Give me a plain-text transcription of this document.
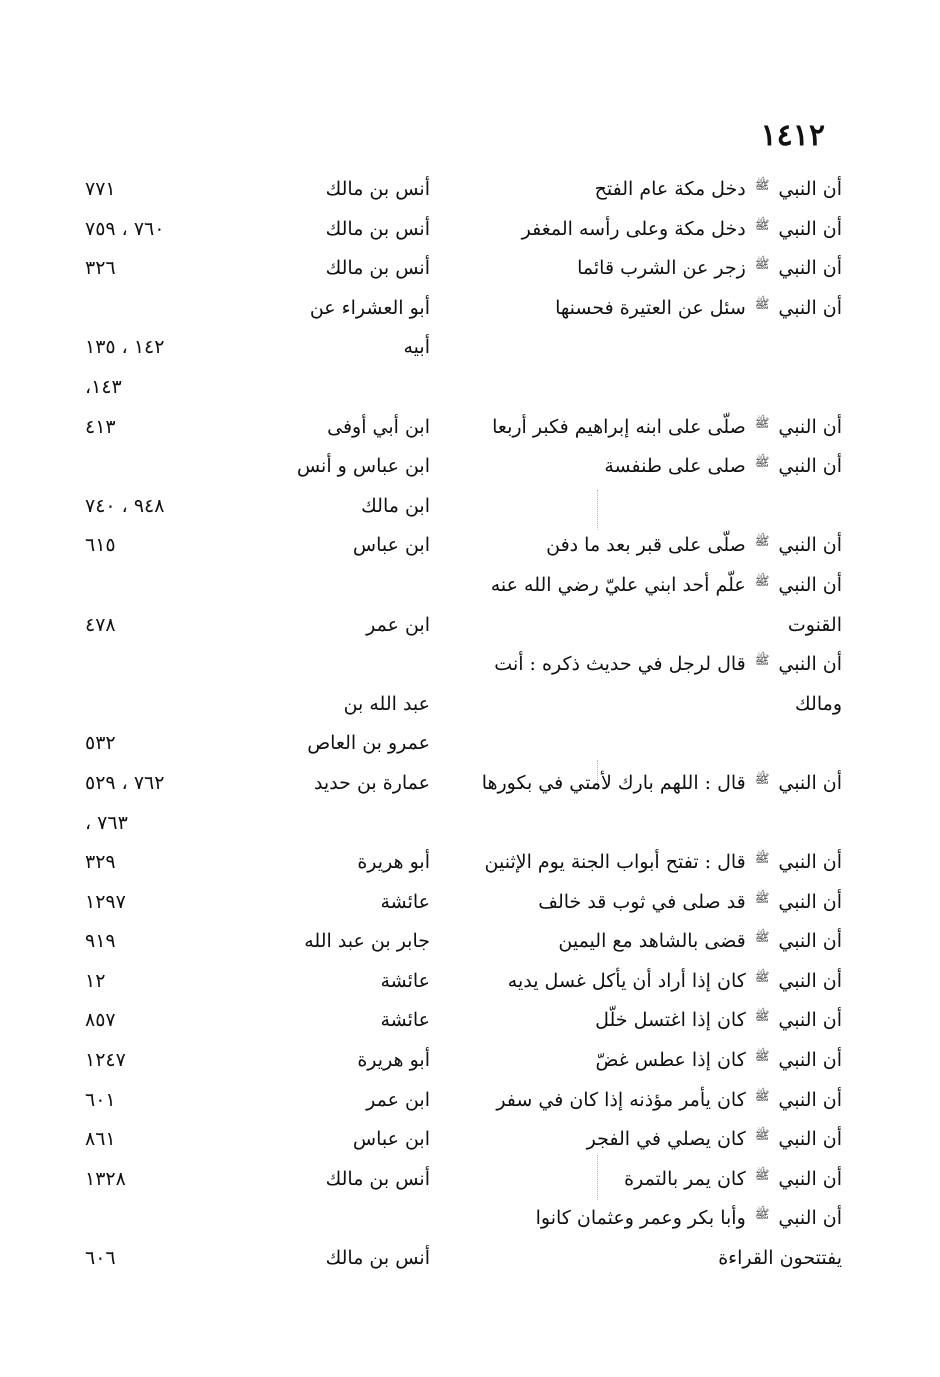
١٤١٢
أن النبي ﷺ دخل مكة عام الفتح
أنس بن مالك
٧٧١
أن النبي ﷺ دخل مكة وعلى رأسه المغفر
أنس بن مالك
٧٦٠ ، ٧٥٩
أن النبي ﷺ زجر عن الشرب قائما
أنس بن مالك
٣٢٦
أن النبي ﷺ سئل عن العتيرة فحسنها
أبو العشراء عن
أبيه
١٤٢ ، ١٣٥
١٤٣،
أن النبي ﷺ صلّى على ابنه إبراهيم فكبر أربعا
ابن أبي أوفى
٤١٣
أن النبي ﷺ صلى على طنفسة
ابن عباس و أنس
ابن مالك
٩٤٨ ، ٧٤٠
أن النبي ﷺ صلّى على قبر بعد ما دفن
ابن عباس
٦١٥
أن النبي ﷺ علّم أحد ابني عليّ رضي الله عنه
القنوت
ابن عمر
٤٧٨
أن النبي ﷺ قال لرجل في حديث ذكره : أنت
ومالك
عبد الله بن
عمرو بن العاص
٥٣٢
أن النبي ﷺ قال : اللهم بارك لأمتي في بكورها
عمارة بن حديد
٧٦٢ ، ٥٢٩
٧٦٣ ،
أن النبي ﷺ قال : تفتح أبواب الجنة يوم الإثنين
أبو هريرة
٣٢٩
أن النبي ﷺ قد صلى في ثوب قد خالف
عائشة
١٢٩٧
أن النبي ﷺ قضى بالشاهد مع اليمين
جابر بن عبد الله
٩١٩
أن النبي ﷺ كان إذا أراد أن يأكل غسل يديه
عائشة
١٢
أن النبي ﷺ كان إذا اغتسل خلّل
عائشة
٨٥٧
أن النبي ﷺ كان إذا عطس غضّ
أبو هريرة
١٢٤٧
أن النبي ﷺ كان يأمر مؤذنه إذا كان في سفر
ابن عمر
٦٠١
أن النبي ﷺ كان يصلي في الفجر
ابن عباس
٨٦١
أن النبي ﷺ كان يمر بالتمرة
أنس بن مالك
١٣٢٨
أن النبي ﷺ وأبا بكر وعمر وعثمان كانوا
يفتتحون القراءة
أنس بن مالك
٦٠٦
